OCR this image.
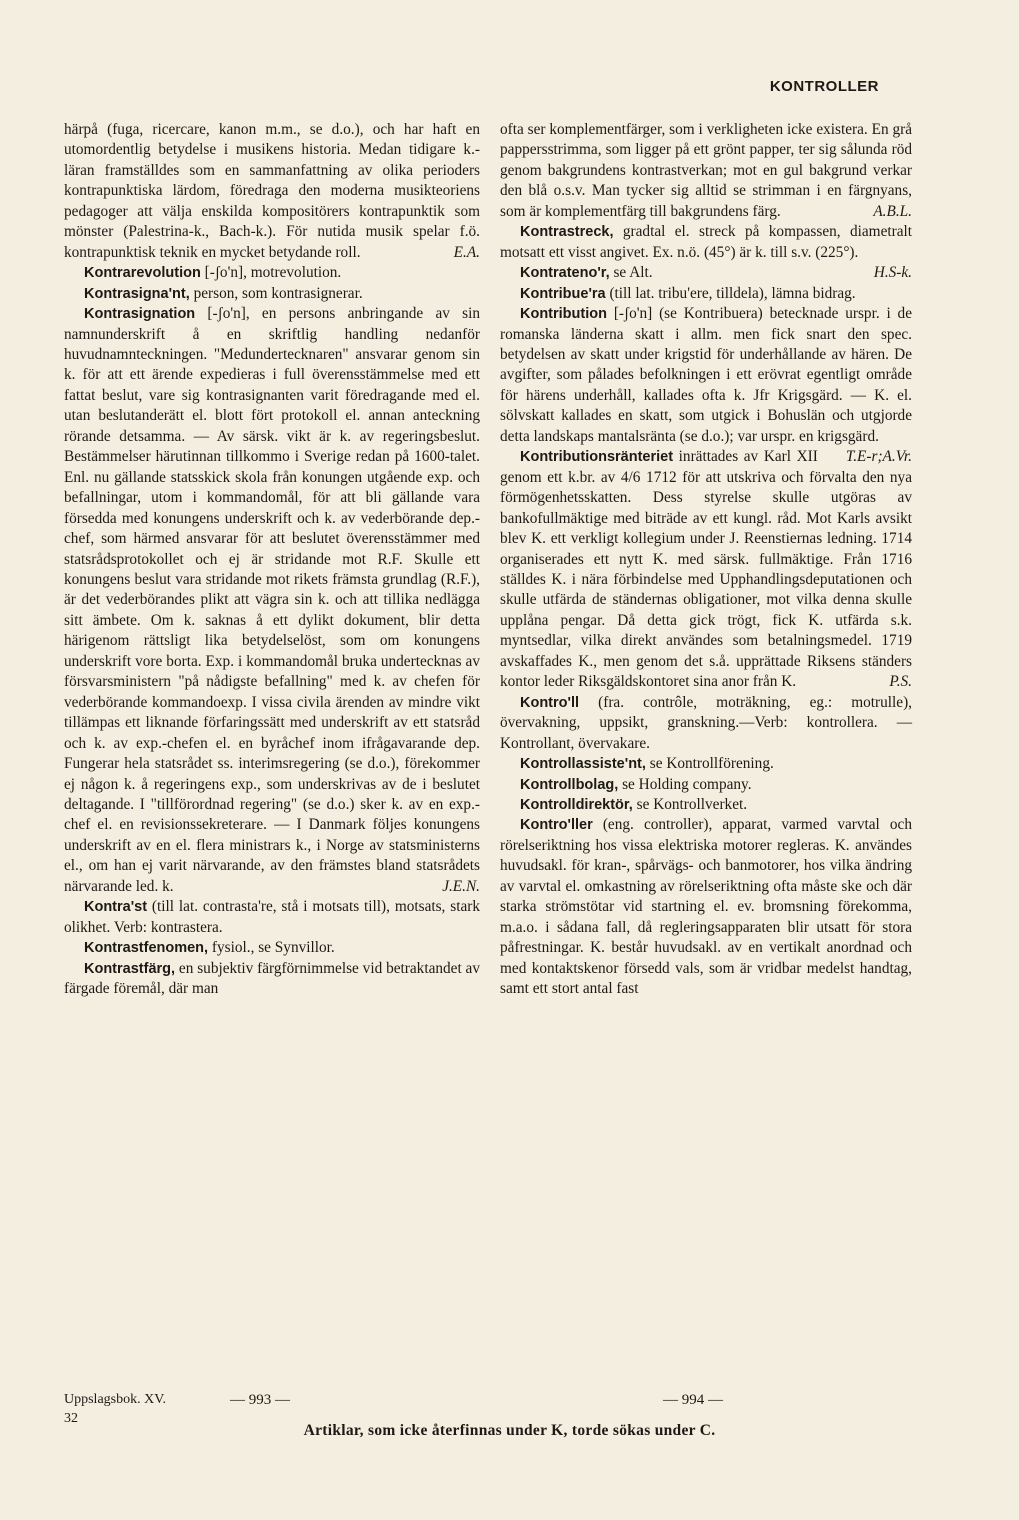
KONTROLLER

härpå (fuga, ricercare, kanon m.m., se d.o.), och har haft en utomordentlig betydelse i musikens historia. Medan tidigare k.-läran framställdes som en sammanfattning av olika perioders kontrapunktiska lärdom, föredraga den moderna musikteoriens pedagoger att välja enskilda kompositörers kontrapunktik som mönster (Palestrina-k., Bach-k.). För nutida musik spelar f.ö. kontrapunktisk teknik en mycket betydande roll.	E.A.

Kontrarevolution [-ʃo'n], motrevolution.

Kontrasigna'nt, person, som kontrasignerar.

Kontrasignation [-ʃo'n], en persons anbringande av sin namnunderskrift å en skriftlig handling nedanför huvudnamnteckningen. "Medundertecknaren" ansvarar genom sin k. för att ett ärende expedieras i full överensstämmelse med ett fattat beslut, vare sig kontrasignanten varit föredragande med el. utan beslutanderätt el. blott fört protokoll el. annan anteckning rörande detsamma. — Av särsk. vikt är k. av regeringsbeslut. Bestämmelser härutinnan tillkommo i Sverige redan på 1600-talet. Enl. nu gällande statsskick skola från konungen utgående exp. och befallningar, utom i kommandomål, för att bli gällande vara försedda med konungens underskrift och k. av vederbörande dep.-chef, som härmed ansvarar för att beslutet överensstämmer med statsrådsprotokollet och ej är stridande mot R.F. Skulle ett konungens beslut vara stridande mot rikets främsta grundlag (R.F.), är det vederbörandes plikt att vägra sin k. och att tillika nedlägga sitt ämbete. Om k. saknas å ett dylikt dokument, blir detta härigenom rättsligt lika betydelselöst, som om konungens underskrift vore borta. Exp. i kommandomål bruka undertecknas av försvarsministern "på nådigste befallning" med k. av chefen för vederbörande kommandoexp. I vissa civila ärenden av mindre vikt tillämpas ett liknande förfaringssätt med underskrift av ett statsråd och k. av exp.-chefen el. en byråchef inom ifrågavarande dep. Fungerar hela statsrådet ss. interimsregering (se d.o.), förekommer ej någon k. å regeringens exp., som underskrivas av de i beslutet deltagande. I "tillförordnad regering" (se d.o.) sker k. av en exp.-chef el. en revisionssekreterare. — I Danmark följes konungens underskrift av en el. flera ministrars k., i Norge av statsministerns el., om han ej varit närvarande, av den främstes bland statsrådets närvarande led. k.	J.E.N.

Kontra'st (till lat. contrasta're, stå i motsats till), motsats, stark olikhet. Verb: kontrastera.

Kontrastfenomen, fysiol., se Synvillor.

Kontrastfärg, en subjektiv färgförnimmelse vid betraktandet av färgade föremål, där man

ofta ser komplementfärger, som i verkligheten icke existera. En grå pappersstrimma, som ligger på ett grönt papper, ter sig sålunda röd genom bakgrundens kontrastverkan; mot en gul bakgrund verkar den blå o.s.v. Man tycker sig alltid se strimman i en färgnyans, som är komplementfärg till bakgrundens färg.	A.B.L.

Kontrastreck, gradtal el. streck på kompassen, diametralt motsatt ett visst angivet. Ex. n.ö. (45°) är k. till s.v. (225°).
H.S-k.

Kontrateno'r, se Alt.

Kontribue'ra (till lat. tribu'ere, tilldela), lämna bidrag.

Kontribution [-ʃo'n] (se Kontribuera) betecknade urspr. i de romanska länderna skatt i allm. men fick snart den spec. betydelsen av skatt under krigstid för underhållande av hären. De avgifter, som pålades befolkningen i ett erövrat egentligt område för härens underhåll, kallades ofta k. Jfr Krigsgärd. — K. el. sölvskatt kallades en skatt, som utgick i Bohuslän och utgjorde detta landskaps mantalsränta (se d.o.); var urspr. en krigsgärd.
T.E-r;A.Vr.

Kontributionsränteriet inrättades av Karl XII genom ett k.br. av 4/6 1712 för att utskriva och förvalta den nya förmögenhetsskatten. Dess styrelse skulle utgöras av bankofullmäktige med biträde av ett kungl. råd. Mot Karls avsikt blev K. ett verkligt kollegium under J. Reenstiernas ledning. 1714 organiserades ett nytt K. med särsk. fullmäktige. Från 1716 ställdes K. i nära förbindelse med Upphandlingsdeputationen och skulle utfärda de ständernas obligationer, mot vilka denna skulle upplåna pengar. Då detta gick trögt, fick K. utfärda s.k. myntsedlar, vilka direkt användes som betalningsmedel. 1719 avskaffades K., men genom det s.å. upprättade Riksens ständers kontor leder Riksgäldskontoret sina anor från K.	P.S.

Kontro'll (fra. contrôle, moträkning, eg.: motrulle), övervakning, uppsikt, granskning.—Verb: kontrollera. — Kontrollant, övervakare.

Kontrollassiste'nt, se Kontrollförening.

Kontrollbolag, se Holding company.

Kontrolldirektör, se Kontrollverket.

Kontro'ller (eng. controller), apparat, varmed varvtal och rörelseriktning hos vissa elektriska motorer regleras. K. användes huvudsakl. för kran-, spårvägs- och banmotorer, hos vilka ändring av varvtal el. omkastning av rörelseriktning ofta måste ske och där starka strömstötar vid startning el. ev. bromsning förekomma, m.a.o. i sådana fall, då regleringsapparaten blir utsatt för stora påfrestningar. K. består huvudsakl. av en vertikalt anordnad och med kontaktskenor försedd vals, som är vridbar medelst handtag, samt ett stort antal fast

Uppslagsbok. XV.
32
— 993 —	— 994 —
Artiklar, som icke återfinnas under K, torde sökas under C.
